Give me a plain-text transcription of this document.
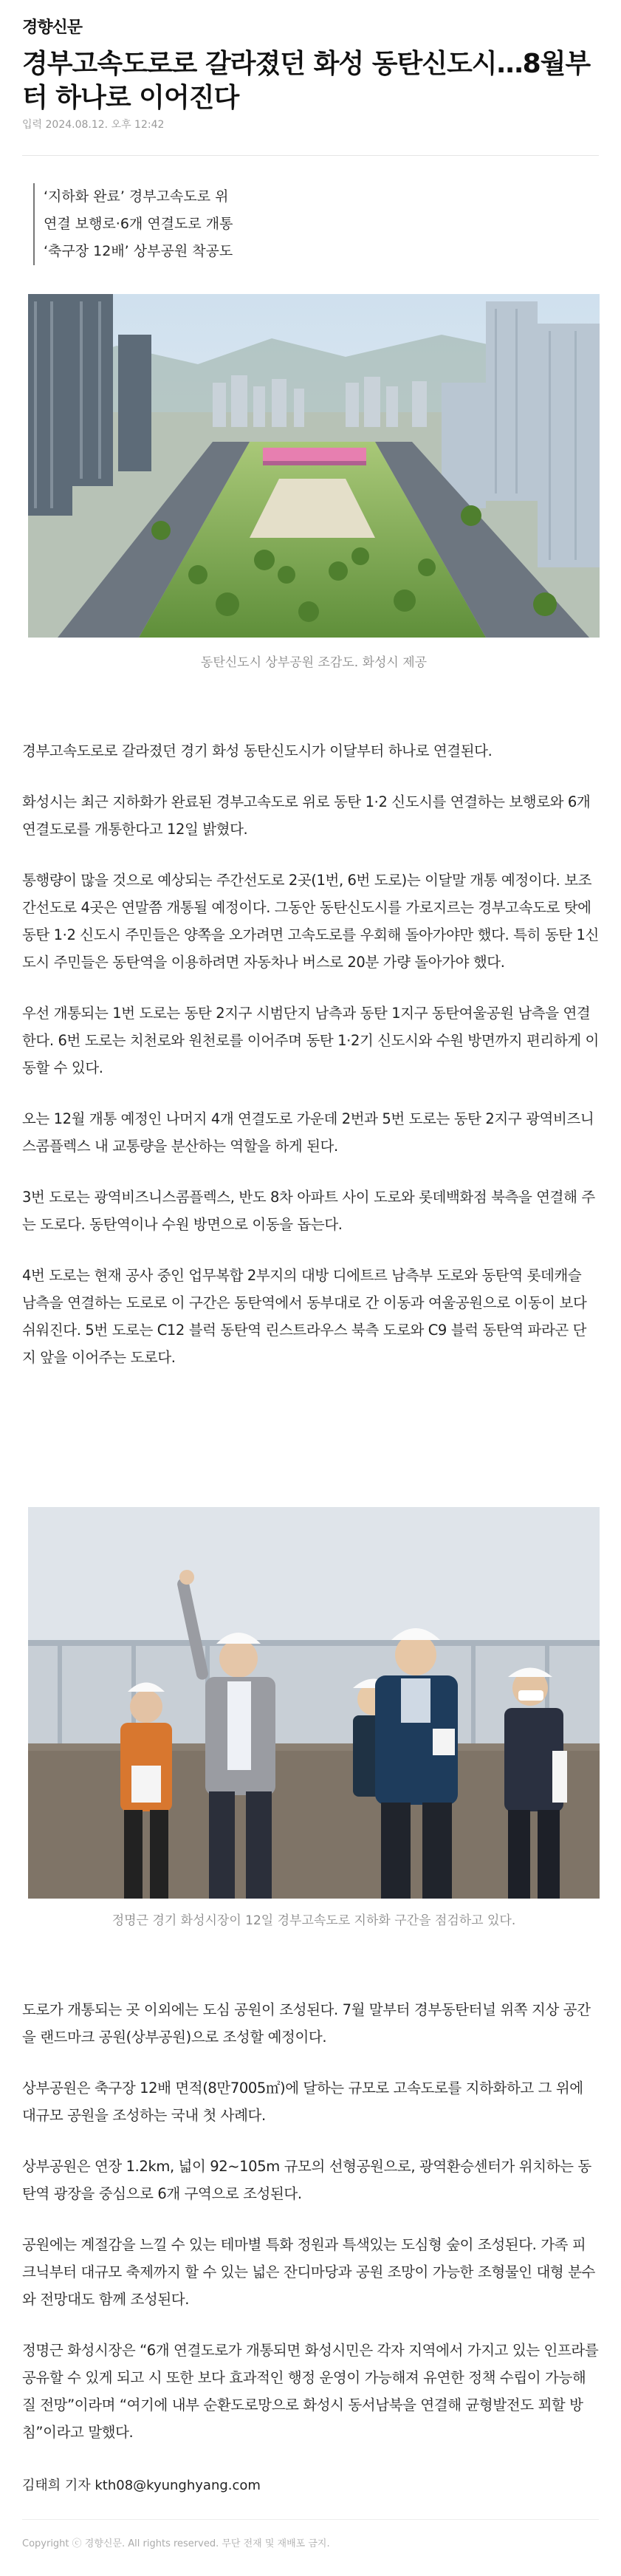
경향신문
경부고속도로로 갈라졌던 화성 동탄신도시…8월부터 하나로 이어진다
입력 2024.08.12. 오후 12:42
‘지하화 완료’ 경부고속도로 위
연결 보행로·6개 연결도로 개통
‘축구장 12배’ 상부공원 착공도
동탄신도시 상부공원 조감도. 화성시 제공

경부고속도로로 갈라졌던 경기 화성 동탄신도시가 이달부터 하나로 연결된다.

화성시는 최근 지하화가 완료된 경부고속도로 위로 동탄 1·2 신도시를 연결하는 보행로와 6개 연결도로를 개통한다고 12일 밝혔다.

통행량이 많을 것으로 예상되는 주간선도로 2곳(1번, 6번 도로)는 이달말 개통 예정이다. 보조간선도로 4곳은 연말쯤 개통될 예정이다. 그동안 동탄신도시를 가로지르는 경부고속도로 탓에 동탄 1·2 신도시 주민들은 양쪽을 오가려면 고속도로를 우회해 돌아가야만 했다. 특히 동탄 1신도시 주민들은 동탄역을 이용하려면 자동차나 버스로 20분 가량 돌아가야 했다.

우선 개통되는 1번 도로는 동탄 2지구 시범단지 남측과 동탄 1지구 동탄여울공원 남측을 연결한다. 6번 도로는 치천로와 원천로를 이어주며 동탄 1·2기 신도시와 수원 방면까지 편리하게 이동할 수 있다.

오는 12월 개통 예정인 나머지 4개 연결도로 가운데 2번과 5번 도로는 동탄 2지구 광역비즈니스콤플렉스 내 교통량을 분산하는 역할을 하게 된다.

3번 도로는 광역비즈니스콤플렉스, 반도 8차 아파트 사이 도로와 롯데백화점 북측을 연결해 주는 도로다. 동탄역이나 수원 방면으로 이동을 돕는다.

4번 도로는 현재 공사 중인 업무복합 2부지의 대방 디에트르 남측부 도로와 동탄역 롯데캐슬 남측을 연결하는 도로로 이 구간은 동탄역에서 동부대로 간 이동과 여울공원으로 이동이 보다 쉬워진다. 5번 도로는 C12 블럭 동탄역 린스트라우스 북측 도로와 C9 블럭 동탄역 파라곤 단지 앞을 이어주는 도로다.

정명근 경기 화성시장이 12일 경부고속도로 지하화 구간을 점검하고 있다.

도로가 개통되는 곳 이외에는 도심 공원이 조성된다. 7월 말부터 경부동탄터널 위쪽 지상 공간을 랜드마크 공원(상부공원)으로 조성할 예정이다.

상부공원은 축구장 12배 면적(8만7005㎡)에 달하는 규모로 고속도로를 지하화하고 그 위에 대규모 공원을 조성하는 국내 첫 사례다.

상부공원은 연장 1.2km, 넓이 92~105m 규모의 선형공원으로, 광역환승센터가 위치하는 동탄역 광장을 중심으로 6개 구역으로 조성된다.

공원에는 계절감을 느낄 수 있는 테마별 특화 정원과 특색있는 도심형 숲이 조성된다. 가족 피크닉부터 대규모 축제까지 할 수 있는 넓은 잔디마당과 공원 조망이 가능한 조형물인 대형 분수와 전망대도 함께 조성된다.

정명근 화성시장은 “6개 연결도로가 개통되면 화성시민은 각자 지역에서 가지고 있는 인프라를 공유할 수 있게 되고 시 또한 보다 효과적인 행정 운영이 가능해져 유연한 정책 수립이 가능해질 전망”이라며 “여기에 내부 순환도로망으로 화성시 동서남북을 연결해 균형발전도 꾀할 방침”이라고 말했다.

김태희 기자 kth08@kyunghyang.com
Copyright ⓒ 경향신문. All rights reserved. 무단 전재 및 재배포 금지.
